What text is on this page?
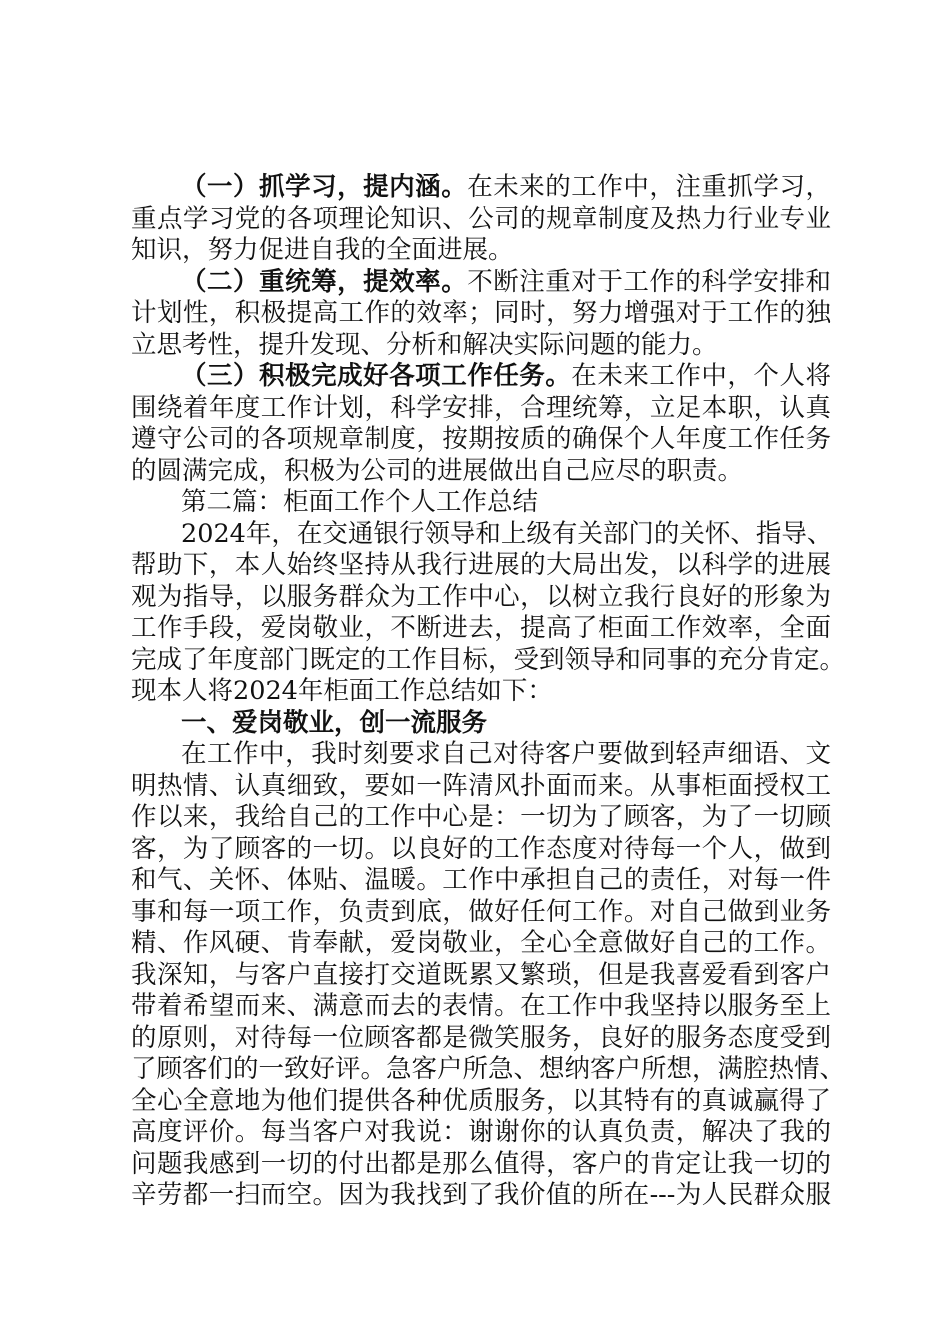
（一）抓学习，提内涵。在未来的工作中，注重抓学习，
重点学习党的各项理论知识、公司的规章制度及热力行业专业
知识，努力促进自我的全面进展。
（二）重统筹，提效率。不断注重对于工作的科学安排和
计划性，积极提高工作的效率；同时，努力增强对于工作的独
立思考性，提升发现、分析和解决实际问题的能力。
（三）积极完成好各项工作任务。在未来工作中，个人将
围绕着年度工作计划，科学安排，合理统筹，立足本职，认真
遵守公司的各项规章制度，按期按质的确保个人年度工作任务
的圆满完成，积极为公司的进展做出自己应尽的职责。
第二篇：柜面工作个人工作总结
2024年，在交通银行领导和上级有关部门的关怀、指导、
帮助下，本人始终坚持从我行进展的大局出发，以科学的进展
观为指导，以服务群众为工作中心，以树立我行良好的形象为
工作手段，爱岗敬业，不断进去，提高了柜面工作效率，全面
完成了年度部门既定的工作目标，受到领导和同事的充分肯定。
现本人将2024年柜面工作总结如下：
一、爱岗敬业，创一流服务
在工作中，我时刻要求自己对待客户要做到轻声细语、文
明热情、认真细致，要如一阵清风扑面而来。从事柜面授权工
作以来，我给自己的工作中心是：一切为了顾客，为了一切顾
客，为了顾客的一切。以良好的工作态度对待每一个人，做到
和气、关怀、体贴、温暖。工作中承担自己的责任，对每一件
事和每一项工作，负责到底，做好任何工作。对自己做到业务
精、作风硬、肯奉献，爱岗敬业，全心全意做好自己的工作。
我深知，与客户直接打交道既累又繁琐，但是我喜爱看到客户
带着希望而来、满意而去的表情。在工作中我坚持以服务至上
的原则，对待每一位顾客都是微笑服务，良好的服务态度受到
了顾客们的一致好评。急客户所急、想纳客户所想，满腔热情、
全心全意地为他们提供各种优质服务，以其特有的真诚赢得了
高度评价。每当客户对我说：谢谢你的认真负责，解决了我的
问题我感到一切的付出都是那么值得，客户的肯定让我一切的
辛劳都一扫而空。因为我找到了我价值的所在---为人民群众服
